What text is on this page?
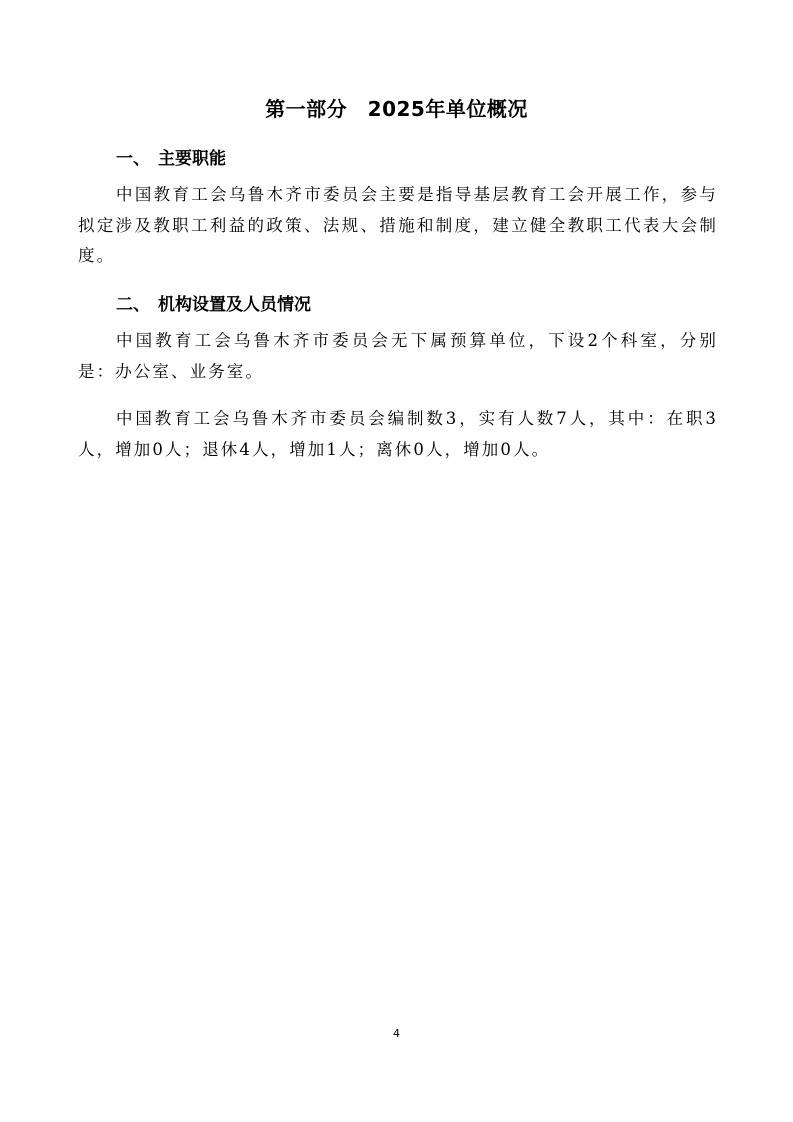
第一部分　2025年单位概况
一、 主要职能

中国教育工会乌鲁木齐市委员会主要是指导基层教育工会开展工作，参与拟定涉及教职工利益的政策、法规、措施和制度，建立健全教职工代表大会制度。

二、 机构设置及人员情况

中国教育工会乌鲁木齐市委员会无下属预算单位，下设2个科室，分别是：办公室、业务室。

中国教育工会乌鲁木齐市委员会编制数3，实有人数7人，其中：在职3人，增加0人；退休4人，增加1人；离休0人，增加0人。

4
